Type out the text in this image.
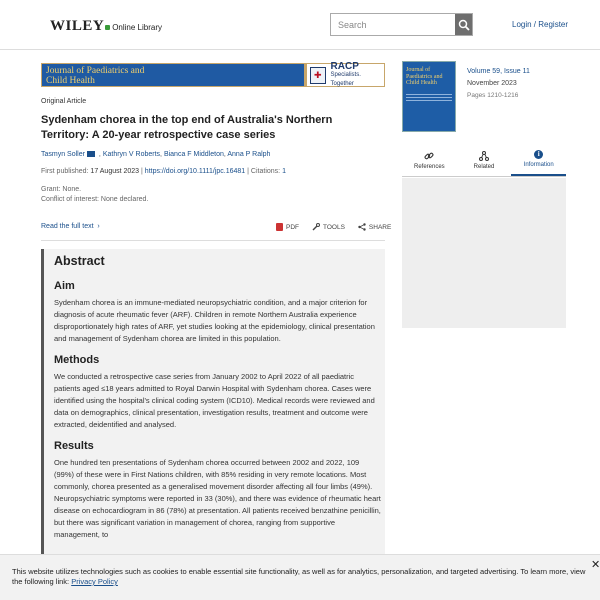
WILEY Online Library
Search	Login / Register
Journal of Paediatrics and
Child Health
✚
RACP
Specialists. Together
Original Article
Sydenham chorea in the top end of Australia's Northern Territory: A 20-year retrospective case series
Tasmyn Soller , Kathryn V Roberts, Bianca F Middleton, Anna P Ralph
First published: 17 August 2023 | https://doi.org/10.1111/jpc.16481 | Citations: 1
Grant: None.
Conflict of interest: None declared.
Read the full text  ›	PDF	TOOLS	SHARE
Abstract
Aim

Sydenham chorea is an immune-mediated neuropsychiatric condition, and a major criterion for diagnosis of acute rheumatic fever (ARF). Children in remote Northern Australia experience disproportionately high rates of ARF, yet studies looking at the epidemiology, clinical presentation and management of Sydenham chorea are limited in this population.

Methods

We conducted a retrospective case series from January 2002 to April 2022 of all paediatric patients aged ≤18 years admitted to Royal Darwin Hospital with Sydenham chorea. Cases were identified using the hospital's clinical coding system (ICD10). Medical records were reviewed and data on demographics, clinical presentation, investigation results, treatment and outcome were extracted, deidentified and analysed.

Results

One hundred ten presentations of Sydenham chorea occurred between 2002 and 2022, 109 (99%) of these were in First Nations children, with 85% residing in very remote locations. Most commonly, chorea presented as a generalised movement disorder affecting all four limbs (49%). Neuropsychiatric symptoms were reported in 33 (30%), and there was evidence of rheumatic heart disease on echocardiogram in 86 (78%) at presentation. All patients received benzathine penicillin, but there was significant variation in management of chorea, ranging from supportive management, to

Journal of
Paediatrics and
Child Health
Volume 59, Issue 11
November 2023
Pages 1210-1216
References	Related
i
Information
This website utilizes technologies such as cookies to enable essential site functionality, as well as for analytics, personalization, and targeted advertising. To learn more, view the following link: Privacy Policy
✕
